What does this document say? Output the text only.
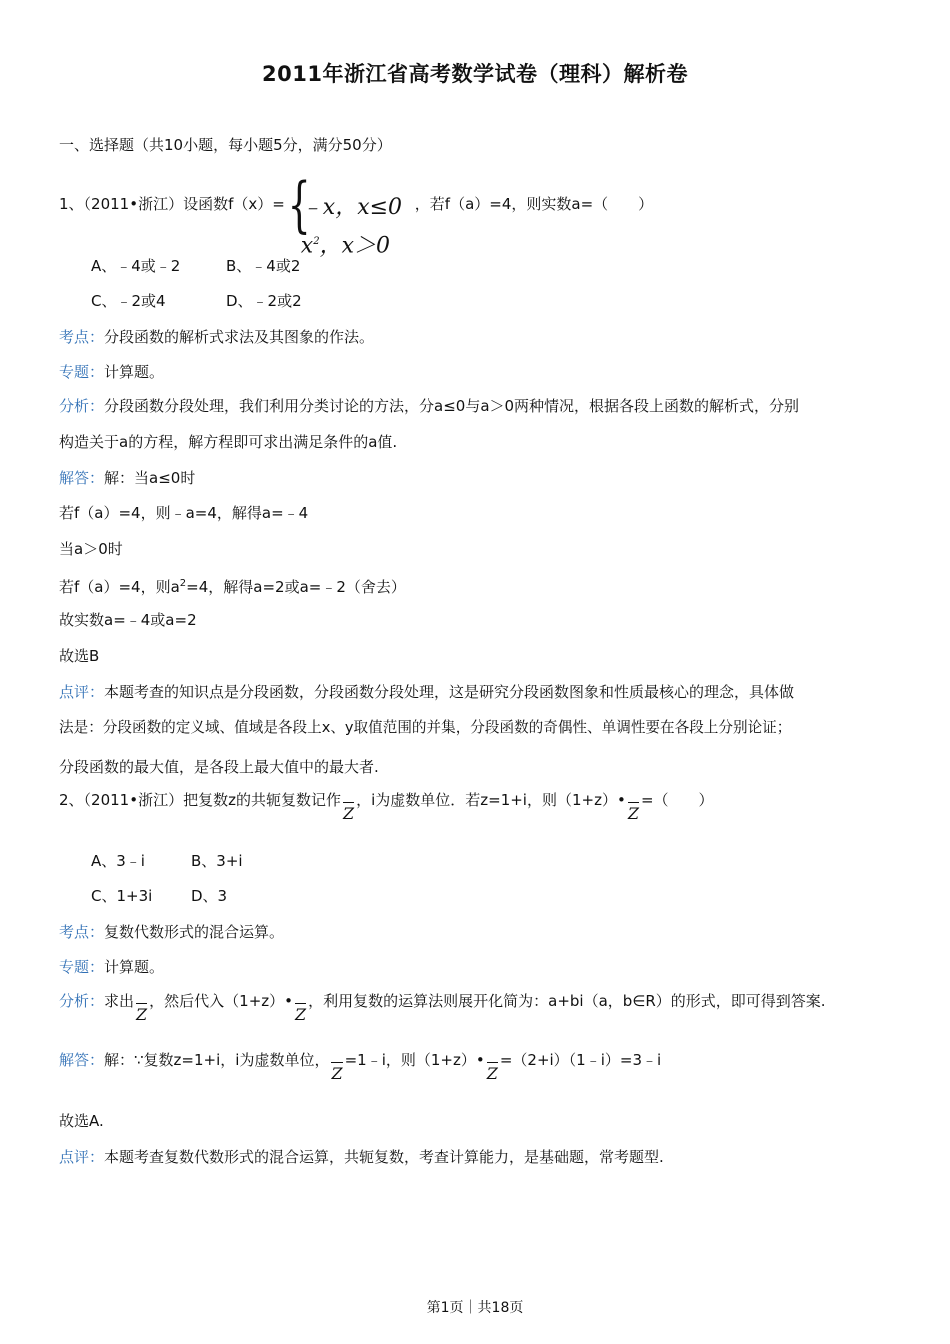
2011年浙江省高考数学试卷（理科）解析卷
一、选择题（共10小题，每小题5分，满分50分）
1、（2011•浙江）设函数f（x）= {
﹣x，x≤0
$x^2$，x＞0
，若f（a）=4，则实数a=（　　）
A、﹣4或﹣2	B、﹣4或2
C、﹣2或4	D、﹣2或2
考点：分段函数的解析式求法及其图象的作法。
专题：计算题。
分析：分段函数分段处理，我们利用分类讨论的方法，分a≤0与a＞0两种情况，根据各段上函数的解析式，分别
构造关于a的方程，解方程即可求出满足条件的a值.
解答：解：当a≤0时
若f（a）=4，则﹣a=4，解得a=﹣4
当a＞0时
若f（a）=4，则$a^2=4$，解得a=2或a=﹣2（舍去）
故实数a=﹣4或a=2
故选B
点评：本题考查的知识点是分段函数，分段函数分段处理，这是研究分段函数图象和性质最核心的理念，具体做
法是：分段函数的定义域、值域是各段上x、y取值范围的并集，分段函数的奇偶性、单调性要在各段上分别论证；
分段函数的最大值，是各段上最大值中的最大者.
2、（2011•浙江）把复数z的共轭复数记作Z，i为虚数单位．若z=1+i，则（1+z）•Z=（　　）
A、3﹣i	B、3+i
C、1+3i	D、3
考点：复数代数形式的混合运算。
专题：计算题。
分析：求出Z，然后代入（1+z）•Z，利用复数的运算法则展开化简为：a+bi（a，b∈R）的形式，即可得到答案.
解答：解：∵复数z=1+i，i为虚数单位，Z=1﹣i，则（1+z）•Z=（2+i）（1﹣i）=3﹣i
故选A.
点评：本题考查复数代数形式的混合运算，共轭复数，考查计算能力，是基础题，常考题型.
第1页｜共18页
